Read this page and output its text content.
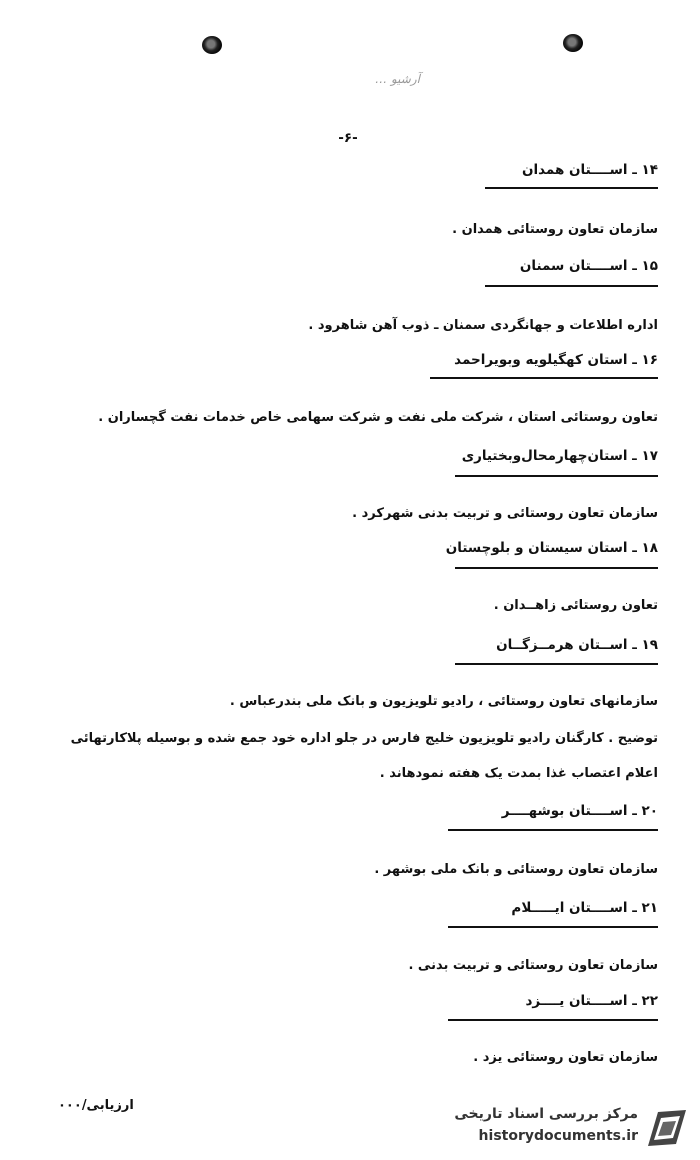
آرشیو …
-۶-
۱۴ ـ اســــتان همدان
سازمان تعاون روستائی همدان .
۱۵ ـ اســــتان سمنان
اداره اطلاعات و جهانگردی سمنان ـ ذوب آهن شاهرود .
۱۶ ـ استان کهگیلویه وبویراحمد
تعاون روستائی استان ، شرکت ملی نفت و شرکت سهامی خاص خدمات نفت گچساران .
۱۷ ـ استان‌چهارمحال‌وبختیاری
سازمان تعاون روستائی و تربیت بدنی شهرکرد .
۱۸ ـ استان سیستان و بلوچستان
تعاون روستائی زاهــدان .
۱۹ ـ اســتان هرمــزگــان
سازمانهای تعاون روستائی ، رادیو تلویزیون و بانک ملی بندرعباس .
توضیح . کارگنان رادیو تلویزیون خلیج فارس در جلو اداره خود جمع شده و بوسیله پلاکارتهائی
اعلام اعتصاب غذا بمدت یک هفته نمودهاند .
۲۰ ـ اســــتان بوشهــــر
سازمان تعاون روستائی و بانک ملی بوشهر .
۲۱ ـ اســــتان ایـــــلام
سازمان تعاون روستائی و تربیت بدنی .
۲۲ ـ اســــتان یــــزد
سازمان تعاون روستائی یزد .
ارزیابی/۰۰۰
مرکز بررسی اسناد تاریخی
historydocuments.ir
